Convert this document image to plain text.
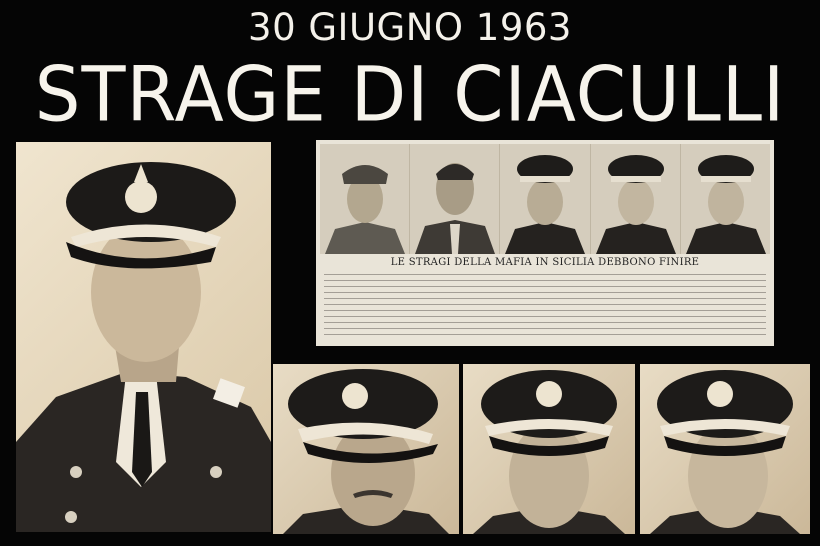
30 GIUGNO 1963
STRAGE DI CIACULLI
LE STRAGI DELLA MAFIA IN SICILIA DEBBONO FINIRE
